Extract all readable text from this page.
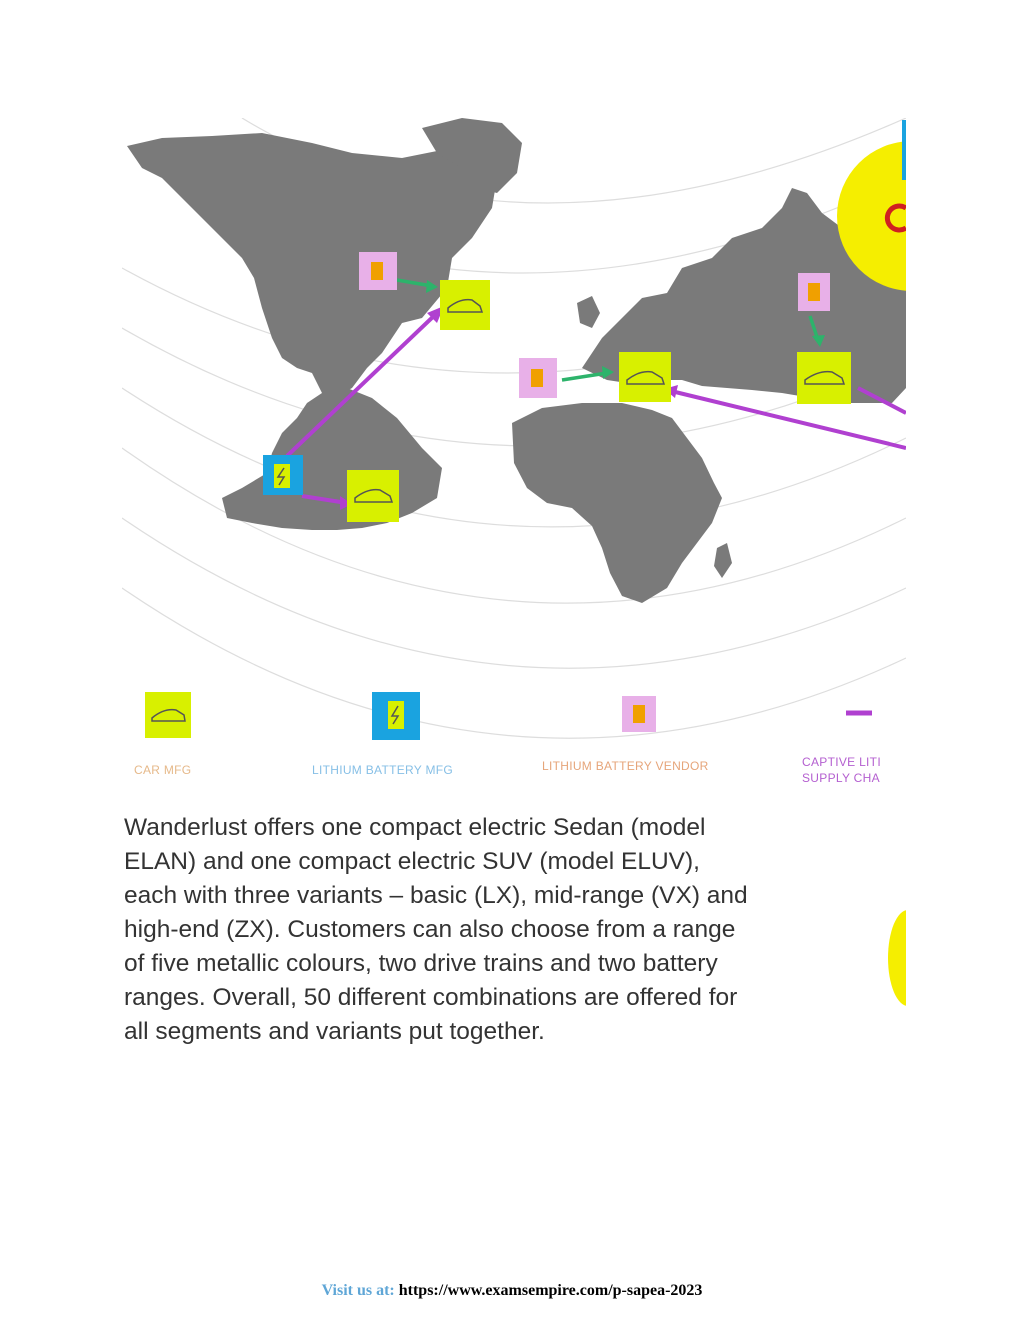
CAR MFG	LITHIUM BATTERY MFG	LITHIUM BATTERY VENDOR	CAPTIVE LITI
SUPPLY CHA
Wanderlust offers one compact electric Sedan (model
ELAN) and one compact electric SUV (model ELUV),
each with three variants – basic (LX), mid-range (VX) and
high-end (ZX). Customers can also choose from a range
of five metallic colours, two drive trains and two battery
ranges. Overall, 50 different combinations are offered for
all segments and variants put together.
Visit us at: https://www.examsempire.com/p-sapea-2023
